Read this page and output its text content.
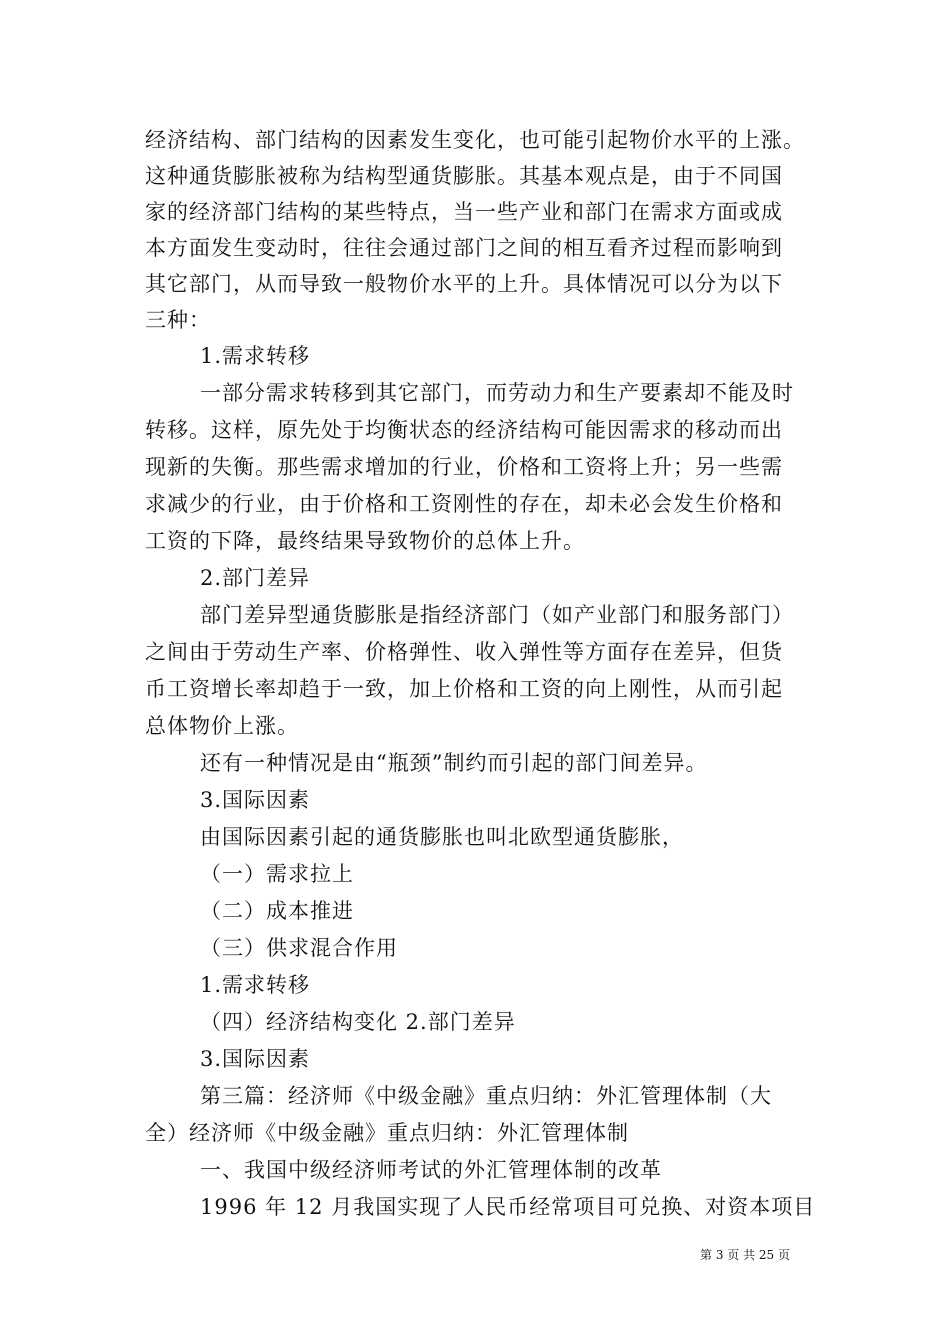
经济结构、部门结构的因素发生变化，也可能引起物价水平的上涨。
这种通货膨胀被称为结构型通货膨胀。其基本观点是，由于不同国
家的经济部门结构的某些特点，当一些产业和部门在需求方面或成
本方面发生变动时，往往会通过部门之间的相互看齐过程而影响到
其它部门，从而导致一般物价水平的上升。具体情况可以分为以下
三种：
1.需求转移
一部分需求转移到其它部门，而劳动力和生产要素却不能及时
转移。这样，原先处于均衡状态的经济结构可能因需求的移动而出
现新的失衡。那些需求增加的行业，价格和工资将上升；另一些需
求减少的行业，由于价格和工资刚性的存在，却未必会发生价格和
工资的下降，最终结果导致物价的总体上升。
2.部门差异
部门差异型通货膨胀是指经济部门（如产业部门和服务部门）
之间由于劳动生产率、价格弹性、收入弹性等方面存在差异，但货
币工资增长率却趋于一致，加上价格和工资的向上刚性，从而引起
总体物价上涨。
还有一种情况是由“瓶颈”制约而引起的部门间差异。
3.国际因素
由国际因素引起的通货膨胀也叫北欧型通货膨胀，
（一）需求拉上
（二）成本推进
（三）供求混合作用
1.需求转移
（四）经济结构变化 2.部门差异
3.国际因素
第三篇：经济师《中级金融》重点归纳：外汇管理体制（大
全）经济师《中级金融》重点归纳：外汇管理体制
一、我国中级经济师考试的外汇管理体制的改革
1996 年 12 月我国实现了人民币经常项目可兑换、对资本项目
第 3 页 共 25 页
